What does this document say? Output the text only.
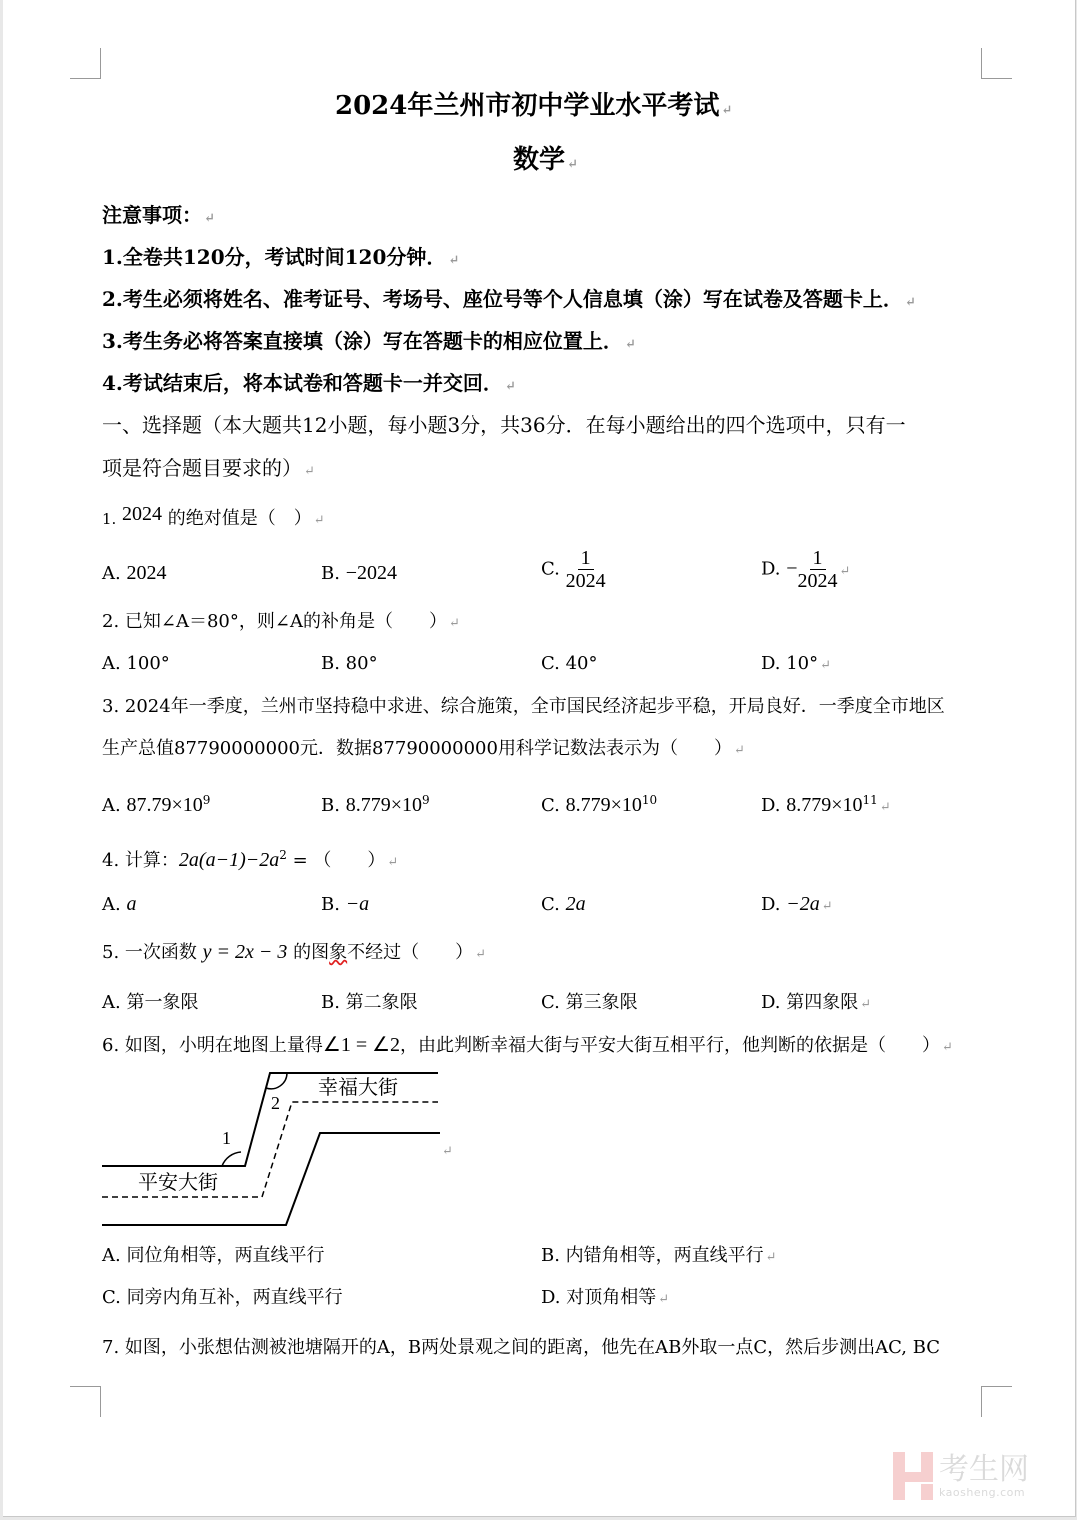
2024年兰州市初中学业水平考试 ↵
数学 ↵
注意事项： ↵
1.全卷共120分，考试时间120分钟． ↵
2.考生必须将姓名、准考证号、考场号、座位号等个人信息填（涂）写在试卷及答题卡上． ↵
3.考生务必将答案直接填（涂）写在答题卡的相应位置上． ↵
4.考试结束后，将本试卷和答题卡一并交回． ↵
一、选择题（本大题共12小题，每小题3分，共36分．在每小题给出的四个选项中，只有一
项是符合题目要求的） ↵
1. 2024 的绝对值是（　） ↵
A. 2024	B. −2024	C. $\frac{1}{2024}$	D. − $\frac{1}{2024}$ ↵
2. 已知∠A＝80°，则∠A的补角是（　　） ↵
A. 100°	B. 80°	C. 40°	D. 10° ↵
3. 2024年一季度，兰州市坚持稳中求进、综合施策，全市国民经济起步平稳，开局良好．一季度全市地区
生产总值87790000000元．数据87790000000用科学记数法表示为（　　） ↵
A. $87.79\times 10^9$	B. $8.779\times 10^9$	C. $8.779\times 10^{10}$	D. $8.779\times 10^{11}$ ↵
4. 计算：$2a(a-1)-2a^2$ = （　　） ↵
A. a	B. −a	C. 2a	D. −2a ↵
5. 一次函数 y = 2x − 3 的图象不经过（　　） ↵
A. 第一象限	B. 第二象限	C. 第三象限	D. 第四象限 ↵
6. 如图，小明在地图上量得∠1 = ∠2，由此判断幸福大街与平安大街互相平行，他判断的依据是（　　） ↵
幸福大街
平安大街
1
2
↵
A. 同位角相等，两直线平行	B. 内错角相等，两直线平行 ↵
C. 同旁内角互补，两直线平行	D. 对顶角相等 ↵
7. 如图，小张想估测被池塘隔开的A，B两处景观之间的距离，他先在AB外取一点C，然后步测出AC, BC
考生网
kaosheng.com
